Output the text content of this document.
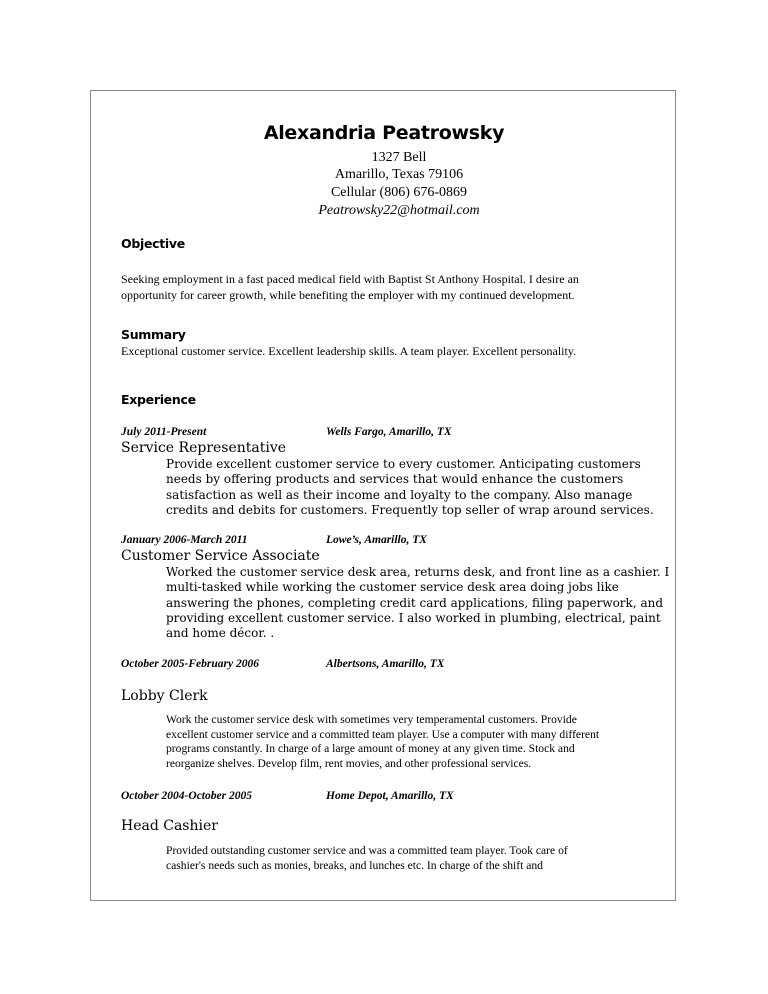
Alexandria Peatrowsky
1327 Bell
Amarillo, Texas 79106
Cellular (806) 676-0869
Peatrowsky22@hotmail.com
Objective
Seeking employment in a fast paced medical field with Baptist St Anthony Hospital. I desire an
opportunity for career growth, while benefiting the employer with my continued development.
Summary
Exceptional customer service. Excellent leadership skills. A team player. Excellent personality.
Experience
July 2011-Present	Wells Fargo, Amarillo, TX
Service Representative
Provide excellent customer service to every customer. Anticipating customers
needs by offering products and services that would enhance the customers
satisfaction as well as their income and loyalty to the company. Also manage
credits and debits for customers. Frequently top seller of wrap around services.
January 2006-March 2011	Lowe’s, Amarillo, TX
Customer Service Associate
Worked the customer service desk area, returns desk, and front line as a cashier. I
multi-tasked while working the customer service desk area doing jobs like
answering the phones, completing credit card applications, filing paperwork, and
providing excellent customer service. I also worked in plumbing, electrical, paint
and home décor. .
October 2005-February 2006	Albertsons, Amarillo, TX
Lobby Clerk
Work the customer service desk with sometimes very temperamental customers. Provide
excellent customer service and a committed team player. Use a computer with many different
programs constantly. In charge of a large amount of money at any given time. Stock and
reorganize shelves. Develop film, rent movies, and other professional services.
October 2004-October 2005	Home Depot, Amarillo, TX
Head Cashier
Provided outstanding customer service and was a committed team player. Took care of
cashier's needs such as monies, breaks, and lunches etc. In charge of the shift and
